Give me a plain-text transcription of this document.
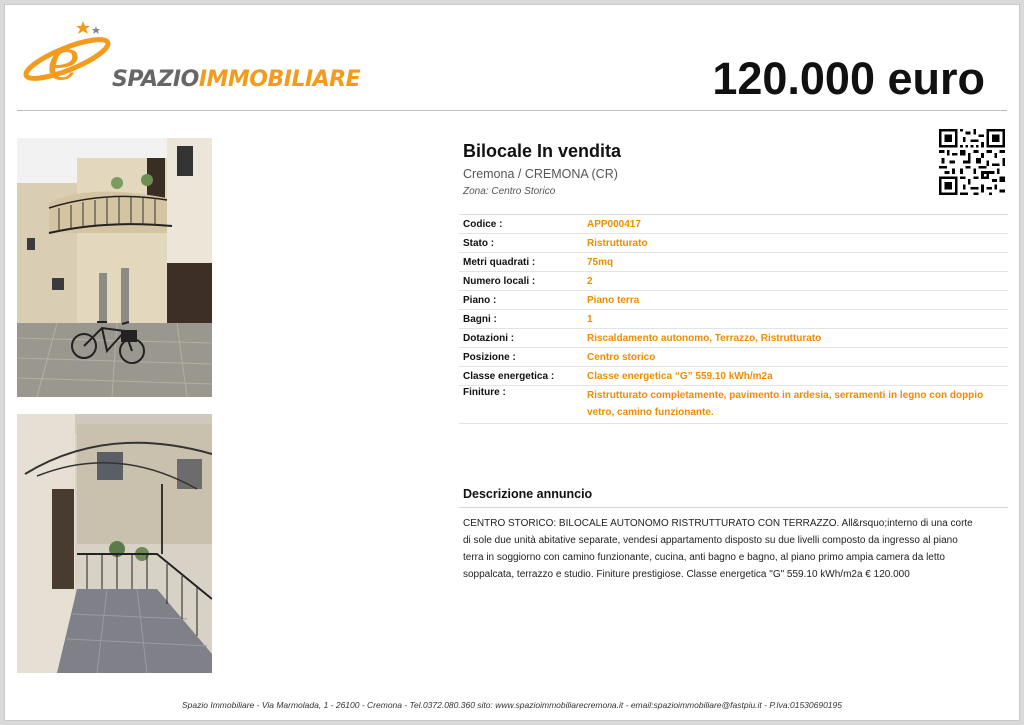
e SPAZIOIMMOBILIARE	120.000 euro
Bilocale In vendita
Cremona / CREMONA (CR)
Zona: Centro Storico
Codice :	APP000417
Stato :	Ristrutturato
Metri quadrati :	75mq
Numero locali :	2
Piano :	Piano terra
Bagni :	1
Dotazioni :	Riscaldamento autonomo, Terrazzo, Ristrutturato
Posizione :	Centro storico
Classe energetica :	Classe energetica “G” 559.10 kWh/m2a
Finiture :	Ristrutturato completamente, pavimento in ardesia, serramenti in legno con doppio vetro, camino funzionante.
Descrizione annuncio
CENTRO STORICO: BILOCALE AUTONOMO RISTRUTTURATO CON TERRAZZO. All&rsquo;interno di una corte di sole due unità abitative separate, vendesi appartamento disposto su due livelli composto da ingresso al piano terra in soggiorno con camino funzionante, cucina, anti bagno e bagno, al piano primo ampia camera da letto soppalcata, terrazzo e studio. Finiture prestigiose. Classe energetica "G" 559.10 kWh/m2a € 120.000
Spazio Immobiliare - Via Marmolada, 1 - 26100 - Cremona - Tel.0372.080.360 sito: www.spazioimmobiliarecremona.it - email:spazioimmobiliare@fastpiu.it - P.Iva:01530690195
